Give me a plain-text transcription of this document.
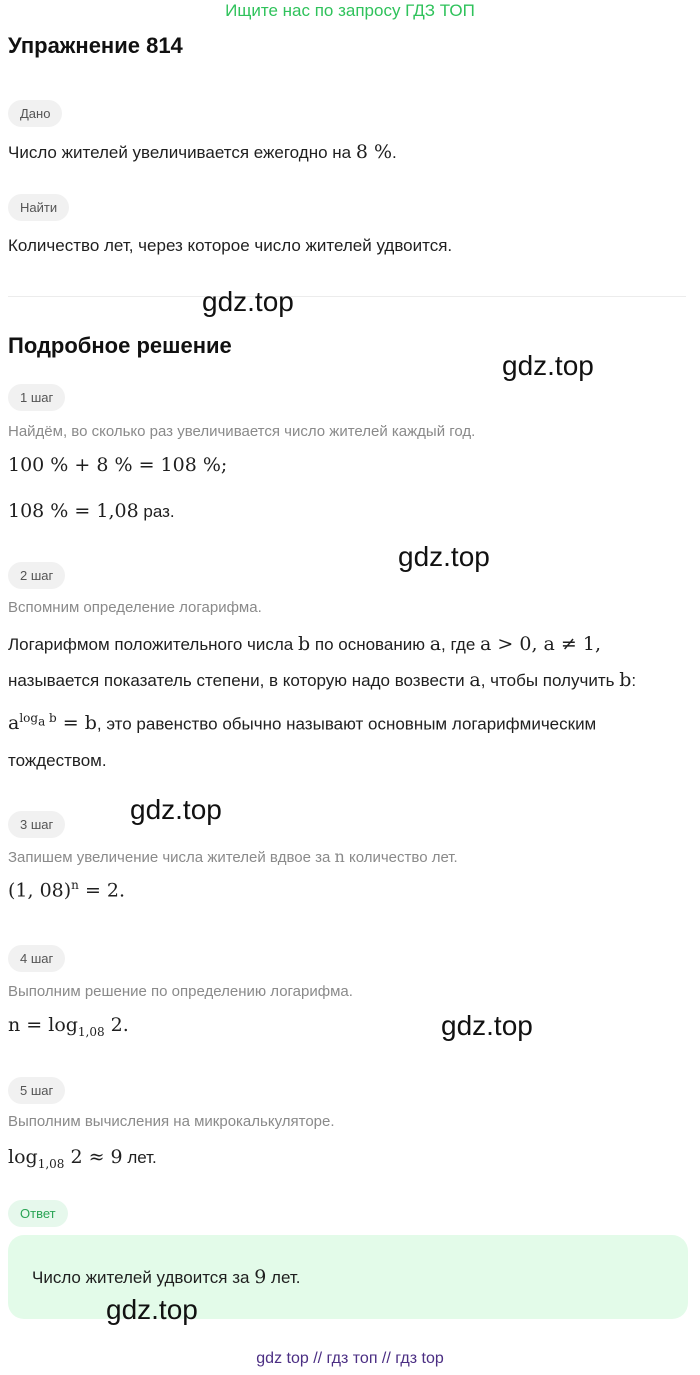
Ищите нас по запросу ГДЗ ТОП
Упражнение 814
Дано
Число жителей увеличивается ежегодно на 8 %.
Найти
Количество лет, через которое число жителей удвоится.
Подробное решение
1 шаг
Найдём, во сколько раз увеличивается число жителей каждый год.
100 % + 8 % = 108 %;
108 % = 1,08 раз.
2 шаг
Вспомним определение логарифма.
Логарифмом положительного числа b по основанию a, где a > 0, a ≠ 1,
называется показатель степени, в которую надо возвести a, чтобы получить b:
$a^{log_a b} = b$, это равенство обычно называют основным логарифмическим
тождеством.
3 шаг
Запишем увеличение числа жителей вдвое за n количество лет.
(1, 08)$^n$ = 2.
4 шаг
Выполним решение по определению логарифма.
$n = \log_{1,08} 2$.
5 шаг
Выполним вычисления на микрокалькуляторе.
$\log_{1,08} 2 \approx 9$ лет.
Ответ
Число жителей удвоится за 9 лет.
gdz.top
gdz.top
gdz.top
gdz.top
gdz.top
gdz.top
gdz top // гдз топ // гдз top
